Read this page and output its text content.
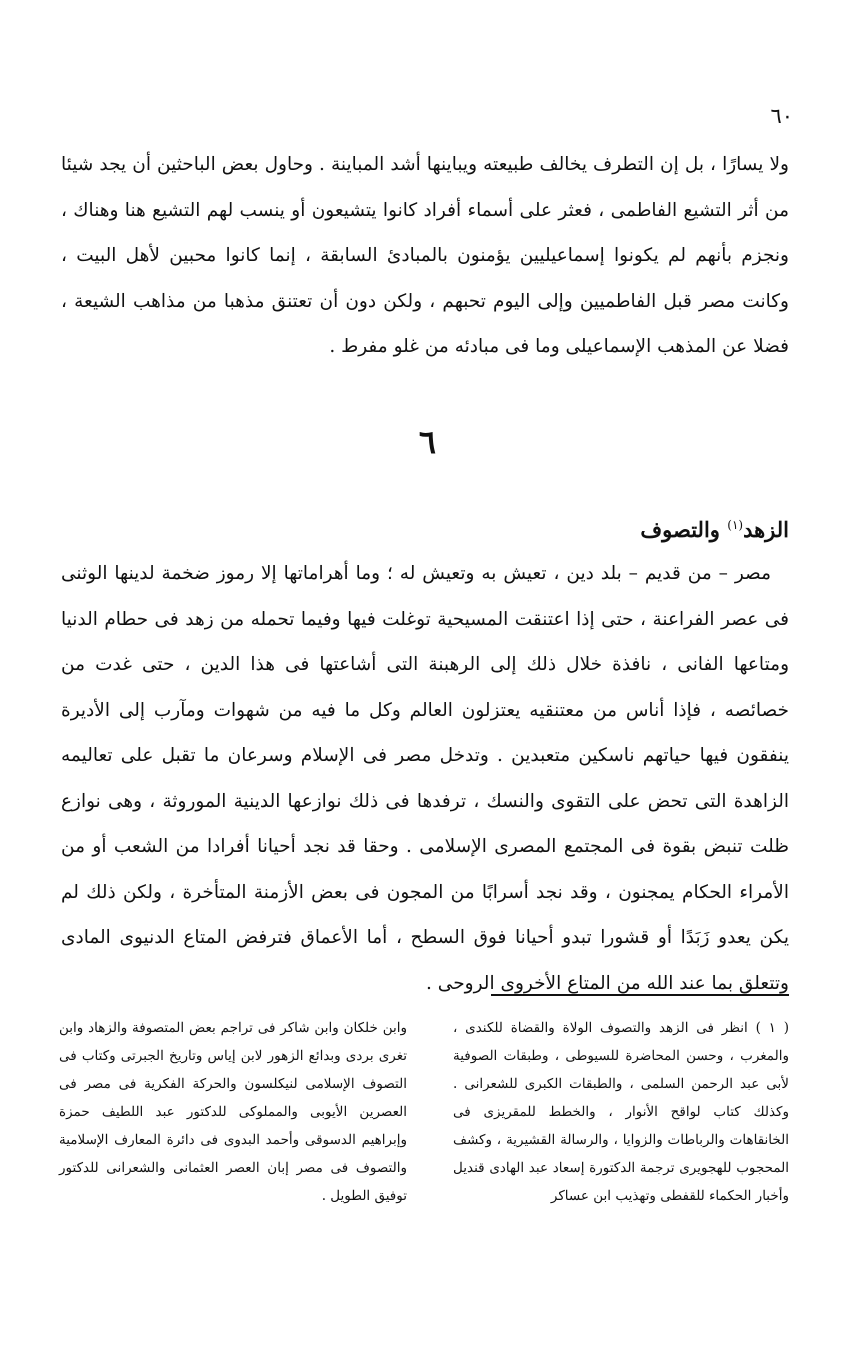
٦٠

ولا يسارًا ، بل إن التطرف يخالف طبيعته ويباينها أشد المباينة . وحاول بعض الباحثين أن يجد شيئا من أثر التشيع الفاطمى ، فعثر على أسماء أفراد كانوا يتشيعون أو ينسب لهم التشيع هنا وهناك ، ونجزم بأنهم لم يكونوا إسماعيليين يؤمنون بالمبادئ السابقة ، إنما كانوا محبين لأهل البيت ، وكانت مصر قبل الفاطميين وإلى اليوم تحبهم ، ولكن دون أن تعتنق مذهبا من مذاهب الشيعة ، فضلا عن المذهب الإسماعيلى وما فى مبادئه من غلو مفرط .

٦
الزهد$^{(١)}$ والتصوف

مصر – من قديم – بلد دين ، تعيش به وتعيش له ؛ وما أهراماتها إلا رموز ضخمة لدينها الوثنى فى عصر الفراعنة ، حتى إذا اعتنقت المسيحية توغلت فيها وفيما تحمله من زهد فى حطام الدنيا ومتاعها الفانى ، نافذة خلال ذلك إلى الرهبنة التى أشاعتها فى هذا الدين ، حتى غدت من خصائصه ، فإذا أناس من معتنقيه يعتزلون العالم وكل ما فيه من شهوات ومآرب إلى الأديرة ينفقون فيها حياتهم ناسكين متعبدين . وتدخل مصر فى الإسلام وسرعان ما تقبل على تعاليمه الزاهدة التى تحض على التقوى والنسك ، ترفدها فى ذلك نوازعها الدينية الموروثة ، وهى نوازع ظلت تنبض بقوة فى المجتمع المصرى الإسلامى . وحقا قد نجد أحيانا أفرادا من الشعب أو من الأمراء الحكام يمجنون ، وقد نجد أسرابًا من المجون فى بعض الأزمنة المتأخرة ، ولكن ذلك لم يكن يعدو زَبَدًا أو قشورا تبدو أحيانا فوق السطح ، أما الأعماق فترفض المتاع الدنيوى المادى وتتعلق بما عند الله من المتاع الأخروى الروحى .

( ١ ) انظر فى الزهد والتصوف الولاة والقضاة للكندى ، والمغرب ، وحسن المحاضرة للسيوطى ، وطبقات الصوفية لأبى عبد الرحمن السلمى ، والطبقات الكبرى للشعرانى . وكذلك كتاب لواقح الأنوار ، والخطط للمقريزى فى الخانقاهات والرباطات والزوايا ، والرسالة القشيرية ، وكشف المحجوب للهجويرى ترجمة الدكتورة إسعاد عبد الهادى قنديل وأخبار الحكماء للقفطى وتهذيب ابن عساكر

وابن خلكان وابن شاكر فى تراجم بعض المتصوفة والزهاد وابن تغرى بردى وبدائع الزهور لابن إياس وتاريخ الجبرتى وكتاب فى التصوف الإسلامى لنيكلسون والحركة الفكرية فى مصر فى العصرين الأيوبى والمملوكى للدكتور عبد اللطيف حمزة وإبراهيم الدسوقى وأحمد البدوى فى دائرة المعارف الإسلامية والتصوف فى مصر إبان العصر العثمانى والشعرانى للدكتور توفيق الطويل .
